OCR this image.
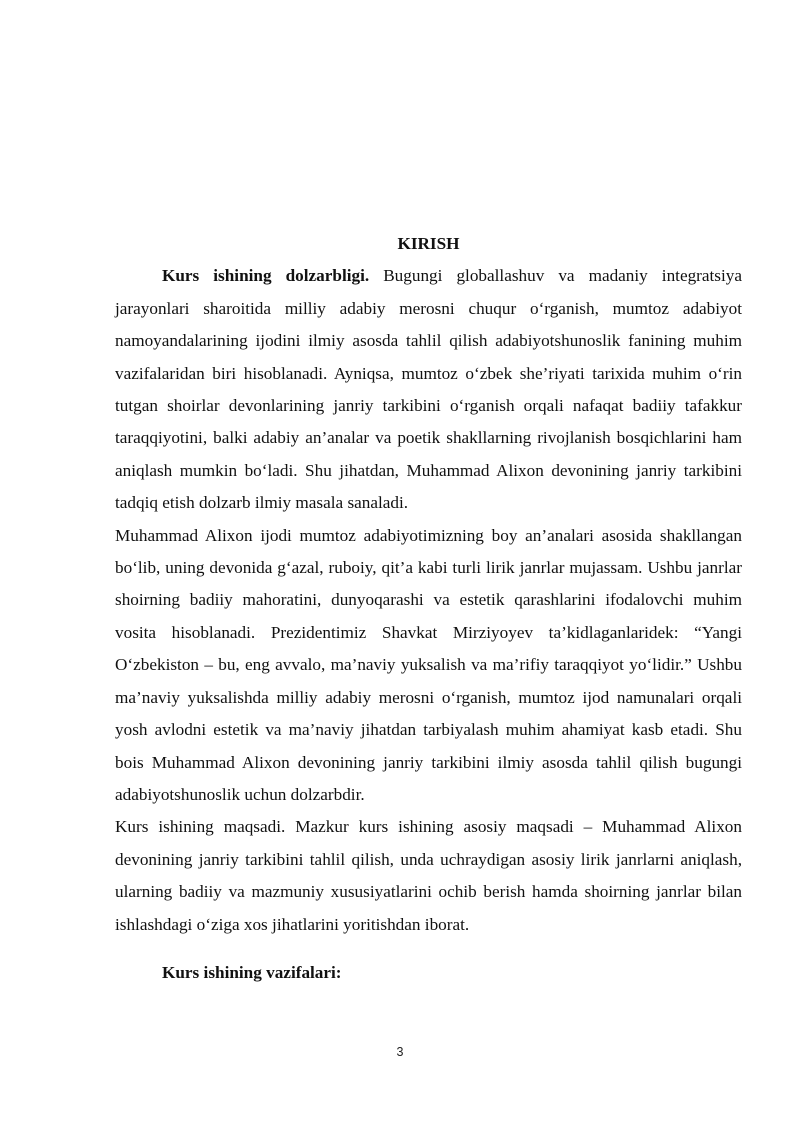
KIRISH

Kurs ishining dolzarbligi. Bugungi globallashuv va madaniy integratsiya jarayonlari sharoitida milliy adabiy merosni chuqur o‘rganish, mumtoz adabiyot namoyandalarining ijodini ilmiy asosda tahlil qilish adabiyotshunoslik fanining muhim vazifalaridan biri hisoblanadi. Ayniqsa, mumtoz o‘zbek she’riyati tarixida muhim o‘rin tutgan shoirlar devonlarining janriy tarkibini o‘rganish orqali nafaqat badiiy tafakkur taraqqiyotini, balki adabiy an’analar va poetik shakllarning rivojlanish bosqichlarini ham aniqlash mumkin bo‘ladi. Shu jihatdan, Muhammad Alixon devonining janriy tarkibini tadqiq etish dolzarb ilmiy masala sanaladi.

Muhammad Alixon ijodi mumtoz adabiyotimizning boy an’analari asosida shakllangan bo‘lib, uning devonida g‘azal, ruboiy, qit’a kabi turli lirik janrlar mujassam. Ushbu janrlar shoirning badiiy mahoratini, dunyoqarashi va estetik qarashlarini ifodalovchi muhim vosita hisoblanadi. Prezidentimiz Shavkat Mirziyoyev ta’kidlaganlaridek: “Yangi O‘zbekiston – bu, eng avvalo, ma’naviy yuksalish va ma’rifiy taraqqiyot yo‘lidir.” Ushbu ma’naviy yuksalishda milliy adabiy merosni o‘rganish, mumtoz ijod namunalari orqali yosh avlodni estetik va ma’naviy jihatdan tarbiyalash muhim ahamiyat kasb etadi. Shu bois Muhammad Alixon devonining janriy tarkibini ilmiy asosda tahlil qilish bugungi adabiyotshunoslik uchun dolzarbdir.

Kurs ishining maqsadi. Mazkur kurs ishining asosiy maqsadi – Muhammad Alixon devonining janriy tarkibini tahlil qilish, unda uchraydigan asosiy lirik janrlarni aniqlash, ularning badiiy va mazmuniy xususiyatlarini ochib berish hamda shoirning janrlar bilan ishlashdagi o‘ziga xos jihatlarini yoritishdan iborat.

Kurs ishining vazifalari:

3
